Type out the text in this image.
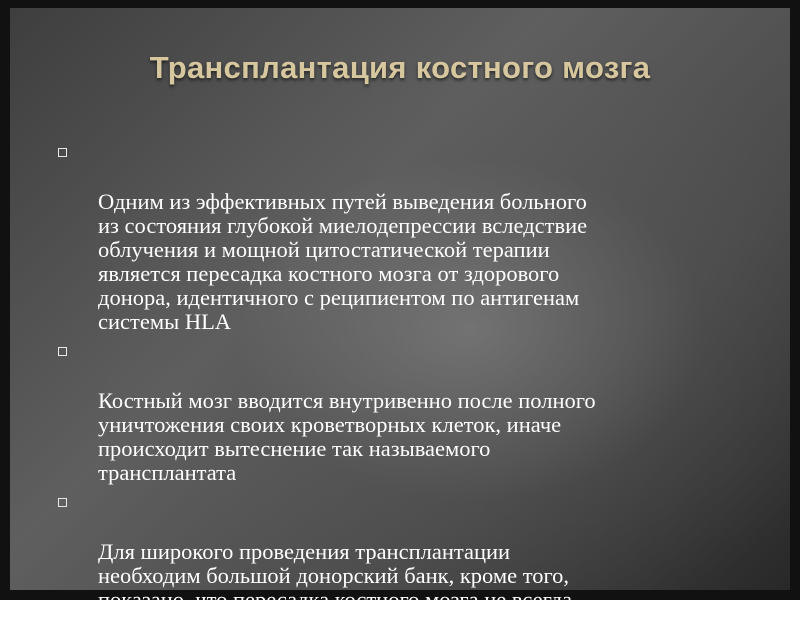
Трансплантация костного мозга

Одним из эффективных путей выведения больного
из состояния глубокой миелодепрессии вследствие
облучения и мощной цитостатической терапии
является пересадка костного мозга от здорового
донора, идентичного с реципиентом по антигенам
системы HLA

Костный мозг вводится внутривенно после полного
уничтожения своих кроветворных клеток, иначе
происходит вытеснение так называемого
трансплантата

Для широкого проведения трансплантации
необходим большой донорский банк, кроме того,
показано, что пересадка костного мозга не всегда
эффективна
